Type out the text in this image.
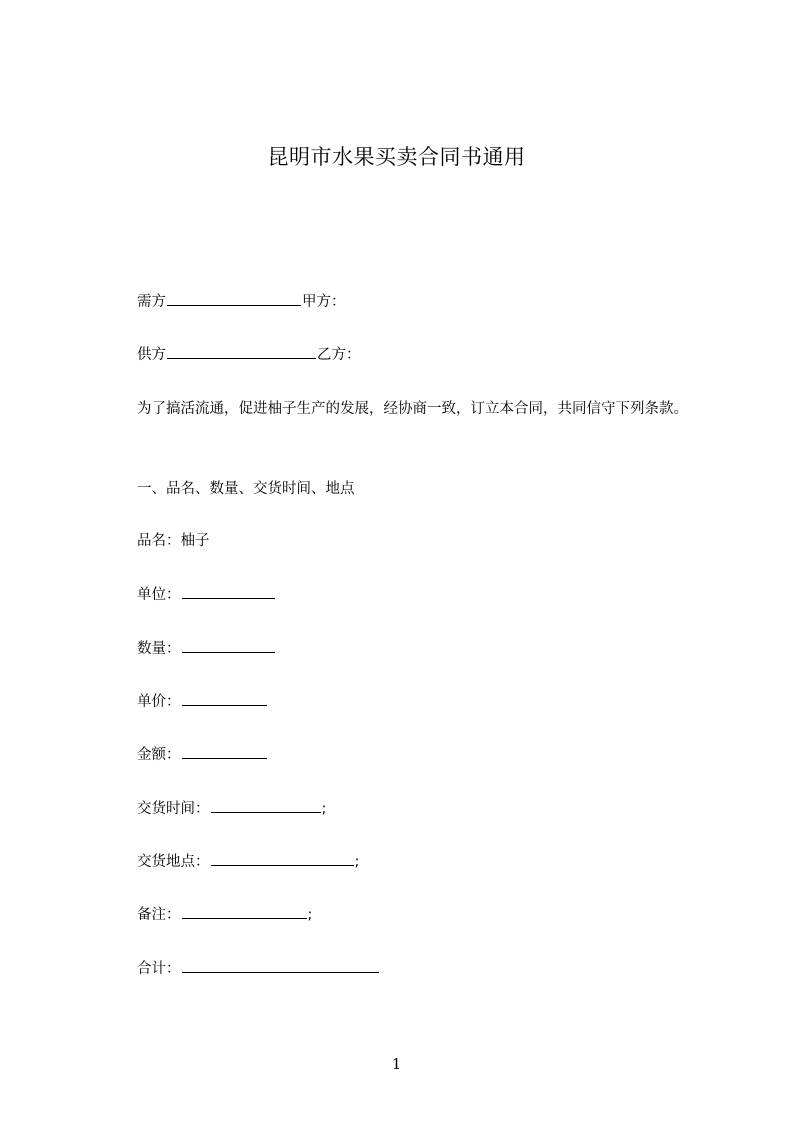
昆明市水果买卖合同书通用
需方	甲方：
供方	乙方：
为了搞活流通，促进柚子生产的发展，经协商一致，订立本合同，共同信守下列条款。
一、品名、数量、交货时间、地点
品名：柚子
单位：
数量：
单价：
金额：
交货时间：	;
交货地点：	;
备注：	;
合计：
1
